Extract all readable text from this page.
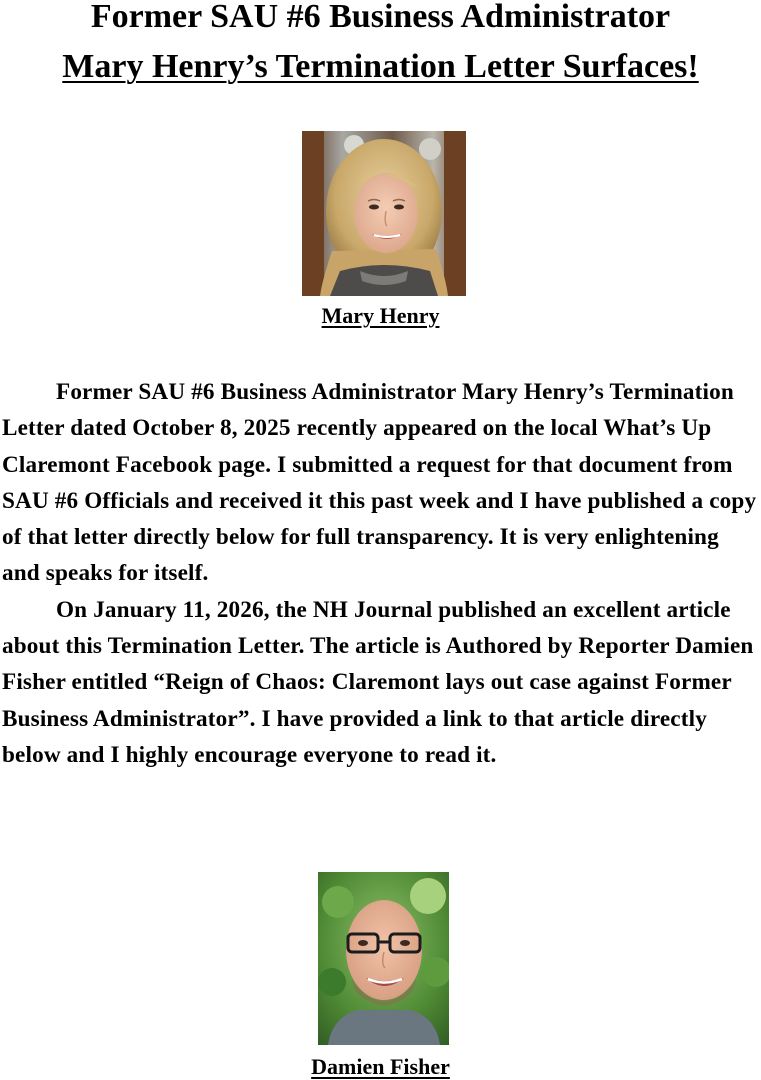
Former SAU #6 Business Administrator
Mary Henry’s Termination Letter Surfaces!
Mary Henry

Former SAU #6 Business Administrator Mary Henry’s Termination Letter dated October 8, 2025 recently appeared on the local What’s Up Claremont Facebook page. I submitted a request for that document from SAU #6 Officials and received it this past week and I have published a copy of that letter directly below for full transparency. It is very enlightening and speaks for itself.

On January 11, 2026, the NH Journal published an excellent article about this Termination Letter. The article is Authored by Reporter Damien Fisher entitled “Reign of Chaos: Claremont lays out case against Former Business Administrator”. I have provided a link to that article directly below and I highly encourage everyone to read it.

Damien Fisher
